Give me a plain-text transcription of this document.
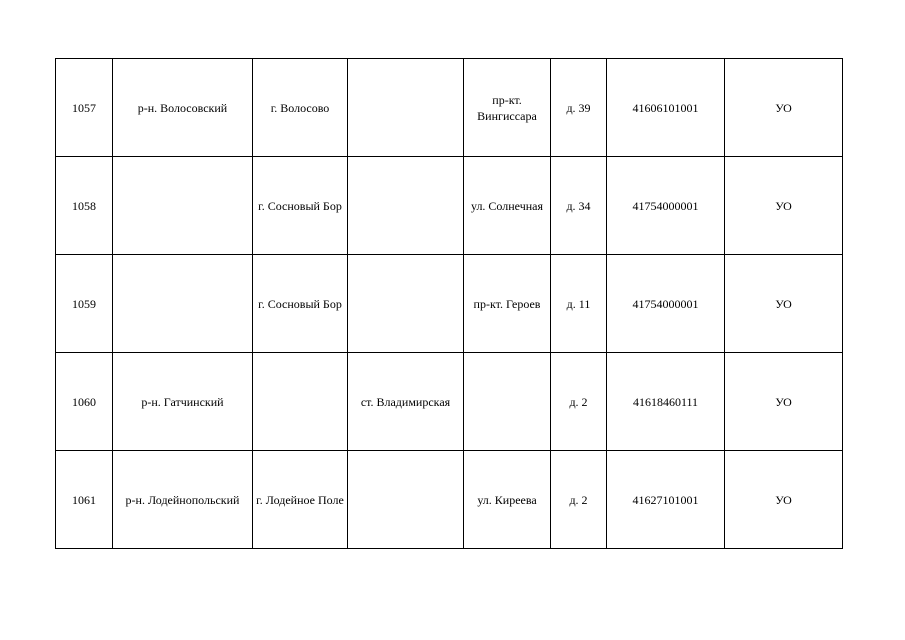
1057	р-н. Волосовский	г. Волосово		пр-кт. Вингиссара	д. 39	41606101001	УО
1058		г. Сосновый Бор		ул. Солнечная	д. 34	41754000001	УО
1059		г. Сосновый Бор		пр-кт. Героев	д. 11	41754000001	УО
1060	р-н. Гатчинский		ст. Владимирская		д. 2	41618460111	УО
1061	р-н. Лодейнопольский	г. Лодейное Поле		ул. Киреева	д. 2	41627101001	УО
